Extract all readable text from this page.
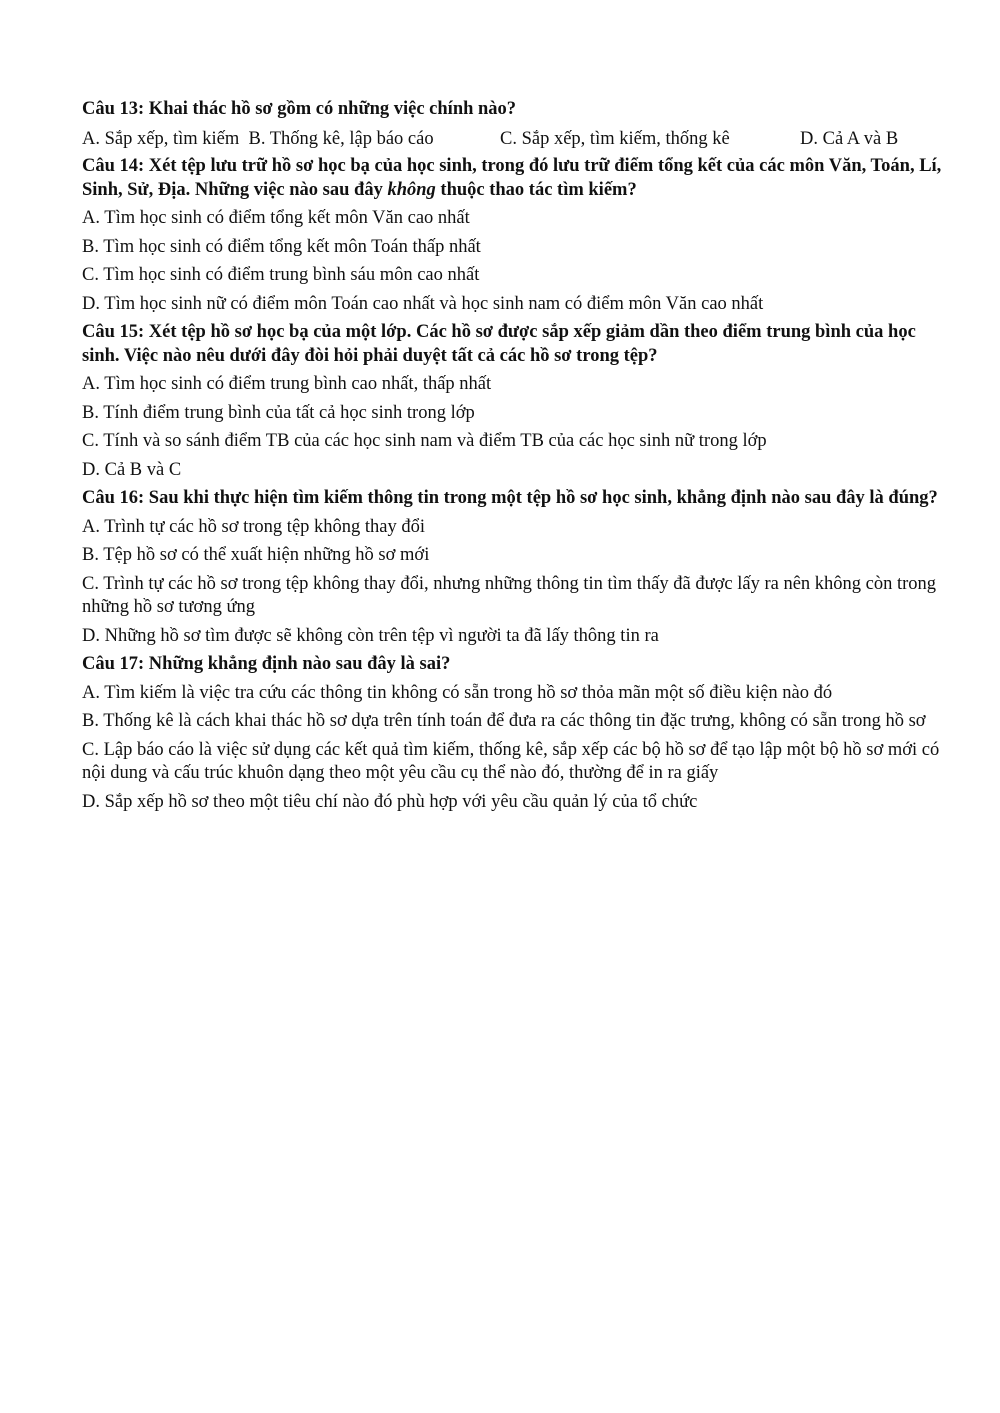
Câu 13: Khai thác hồ sơ gồm có những việc chính nào?

A. Sắp xếp, tìm kiếm  B. Thống kê, lập báo cáo	C. Sắp xếp, tìm kiếm, thống kê	D. Cả A và B

Câu 14: Xét tệp lưu trữ hồ sơ học bạ của học sinh, trong đó lưu trữ điểm tổng kết của các môn Văn, Toán, Lí, Sinh, Sử, Địa. Những việc nào sau đây không thuộc thao tác tìm kiếm?

A. Tìm học sinh có điểm tổng kết môn Văn cao nhất

B. Tìm học sinh có điểm tổng kết môn Toán thấp nhất

C. Tìm học sinh có điểm trung bình sáu môn cao nhất

D. Tìm học sinh nữ có điểm môn Toán cao nhất và học sinh nam có điểm môn Văn cao nhất

Câu 15: Xét tệp hồ sơ học bạ của một lớp. Các hồ sơ được sắp xếp giảm dần theo điểm trung bình của học sinh. Việc nào nêu dưới đây đòi hỏi phải duyệt tất cả các hồ sơ trong tệp?

A. Tìm học sinh có điểm trung bình cao nhất, thấp nhất

B. Tính điểm trung bình của tất cả học sinh trong lớp

C. Tính và so sánh điểm TB của các học sinh nam và điểm TB của các học sinh nữ trong lớp

D. Cả B và C

Câu 16: Sau khi thực hiện tìm kiếm thông tin trong một tệp hồ sơ học sinh, khẳng định nào sau đây là đúng?

A. Trình tự các hồ sơ trong tệp không thay đổi

B. Tệp hồ sơ có thể xuất hiện những hồ sơ mới

C. Trình tự các hồ sơ trong tệp không thay đổi, nhưng những thông tin tìm thấy đã được lấy ra nên không còn trong những hồ sơ tương ứng

D. Những hồ sơ tìm được sẽ không còn trên tệp vì người ta đã lấy thông tin ra

Câu 17: Những khẳng định nào sau đây là sai?

A. Tìm kiếm là việc tra cứu các thông tin không có sẵn trong hồ sơ thỏa mãn một số điều kiện nào đó

B. Thống kê là cách khai thác hồ sơ dựa trên tính toán để đưa ra các thông tin đặc trưng, không có sẵn trong hồ sơ

C. Lập báo cáo là việc sử dụng các kết quả tìm kiếm, thống kê, sắp xếp các bộ hồ sơ để tạo lập một bộ hồ sơ mới có nội dung và cấu trúc khuôn dạng theo một yêu cầu cụ thể nào đó, thường để in ra giấy

D. Sắp xếp hồ sơ theo một tiêu chí nào đó phù hợp với yêu cầu quản lý của tổ chức
